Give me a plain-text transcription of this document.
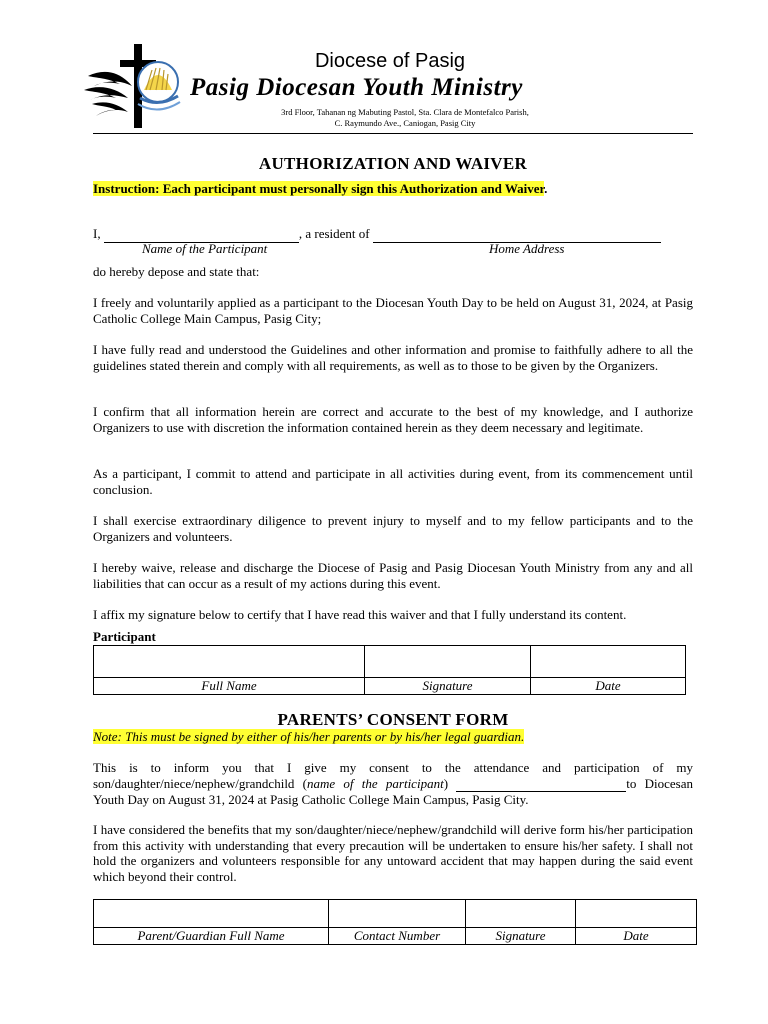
Diocese of Pasig
Pasig Diocesan Youth Ministry
3rd Floor, Tahanan ng Mabuting Pastol, Sta. Clara de Montefalco Parish,
C. Raymundo Ave., Caniogan, Pasig City
AUTHORIZATION AND WAIVER
Instruction: Each participant must personally sign this Authorization and Waiver.
I,	, a resident of
Name of the Participant	Home Address
do hereby depose and state that:
I freely and voluntarily applied as a participant to the Diocesan Youth Day to be held on August 31, 2024, at Pasig Catholic College Main Campus, Pasig City;
I have fully read and understood the Guidelines and other information and promise to faithfully adhere to all the guidelines stated therein and comply with all requirements, as well as to those to be given by the Organizers.
I confirm that all information herein are correct and accurate to the best of my knowledge, and I authorize Organizers to use with discretion the information contained herein as they deem necessary and legitimate.
As a participant, I commit to attend and participate in all activities during event, from its commencement until conclusion.
I shall exercise extraordinary diligence to prevent injury to myself and to my fellow participants and to the Organizers and volunteers.
I hereby waive, release and discharge the Diocese of Pasig and Pasig Diocesan Youth Ministry from any and all liabilities that can occur as a result of my actions during this event.
I affix my signature below to certify that I have read this waiver and that I fully understand its content.
Participant

Full Name	Signature	Date
PARENTS’ CONSENT FORM
Note: This must be signed by either of his/her parents or by his/her legal guardian.
This is to inform you that I give my consent to the attendance and participation of my son/daughter/niece/nephew/grandchild (name of the participant)	to Diocesan Youth Day on August 31, 2024 at Pasig Catholic College Main Campus, Pasig City.
I have considered the benefits that my son/daughter/niece/nephew/grandchild will derive form his/her participation from this activity with understanding that every precaution will be undertaken to ensure his/her safety. I shall not hold the organizers and volunteers responsible for any untoward accident that may happen during the said event which beyond their control.

Parent/Guardian Full Name	Contact Number	Signature	Date
